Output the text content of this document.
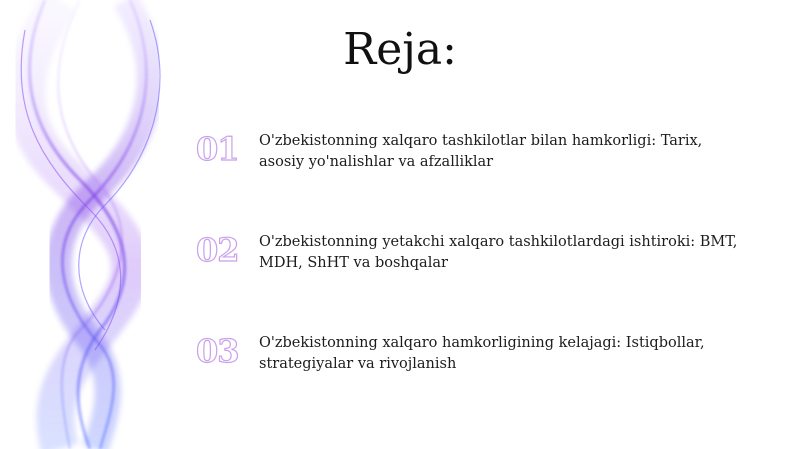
Reja:
01	O'zbekistonning xalqaro tashkilotlar bilan hamkorligi: Tarix, asosiy yo'nalishlar va afzalliklar
02	O'zbekistonning yetakchi xalqaro tashkilotlardagi ishtiroki: BMT, MDH, ShHT va boshqalar
03	O'zbekistonning xalqaro hamkorligining kelajagi: Istiqbollar, strategiyalar va rivojlanish
